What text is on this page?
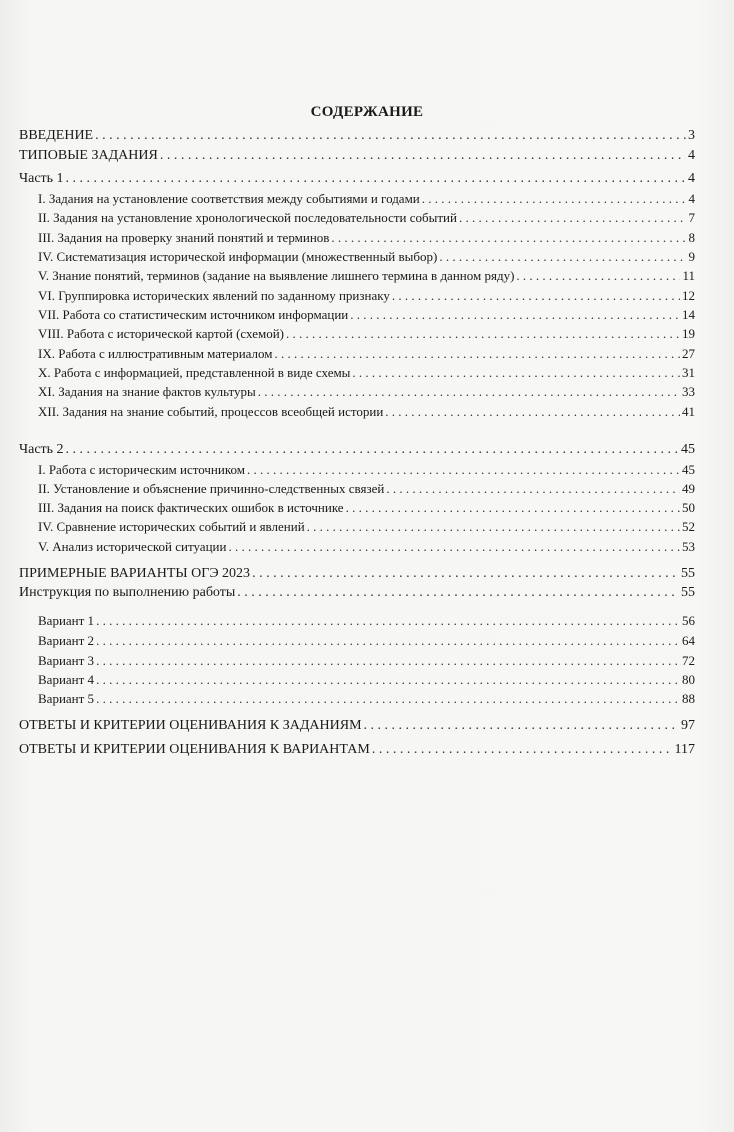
СОДЕРЖАНИЕ
ВВЕДЕНИЕ . . .	3
ТИПОВЫЕ ЗАДАНИЯ . . .	4
Часть 1 . . .	4
I. Задания на установление соответствия между событиями и годами . . .	4
II. Задания на установление хронологической последовательности событий . . .	7
III. Задания на проверку знаний понятий и терминов . . .	8
IV. Систематизация исторической информации (множественный выбор) . . .	9
V. Знание понятий, терминов (задание на выявление лишнего термина в данном ряду) . . .	11
VI. Группировка исторических явлений по заданному признаку . . .	12
VII. Работа со статистическим источником информации . . .	14
VIII. Работа с исторической картой (схемой) . . .	19
IX. Работа с иллюстративным материалом . . .	27
X. Работа с информацией, представленной в виде схемы . . .	31
XI. Задания на знание фактов культуры . . .	33
XII. Задания на знание событий, процессов всеобщей истории . . .	41
Часть 2 . . .	45
I. Работа с историческим источником . . .	45
II. Установление и объяснение причинно-следственных связей . . .	49
III. Задания на поиск фактических ошибок в источнике . . .	50
IV. Сравнение исторических событий и явлений . . .	52
V. Анализ исторической ситуации . . .	53
ПРИМЕРНЫЕ ВАРИАНТЫ ОГЭ 2023 . . .	55
Инструкция по выполнению работы . . .	55
Вариант 1 . . .	56
Вариант 2 . . .	64
Вариант 3 . . .	72
Вариант 4 . . .	80
Вариант 5 . . .	88
ОТВЕТЫ И КРИТЕРИИ ОЦЕНИВАНИЯ К ЗАДАНИЯМ . . .	97
ОТВЕТЫ И КРИТЕРИИ ОЦЕНИВАНИЯ К ВАРИАНТАМ . . .	117
